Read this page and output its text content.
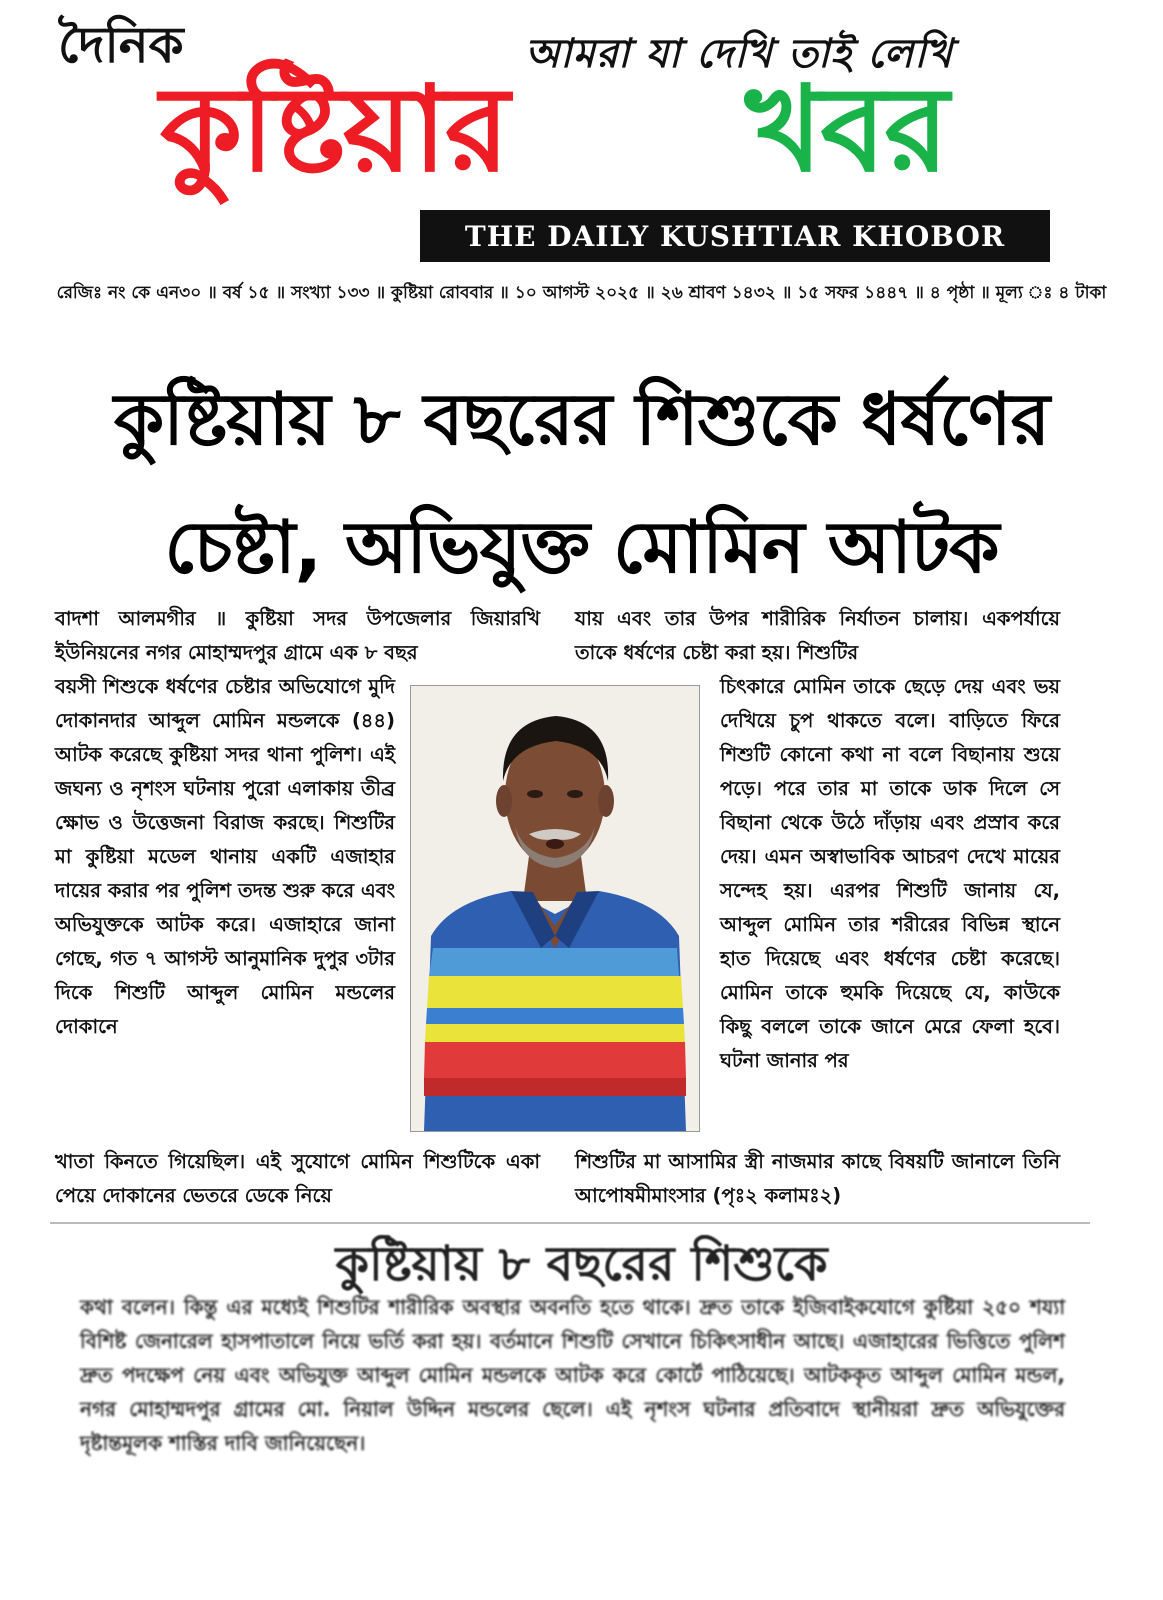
দৈনিক	আমরা যা দেখি তাই লেখি
কুষ্টিয়ার খবর
THE DAILY KUSHTIAR KHOBOR
রেজিঃ নং কে এন৩০ ॥ বর্ষ ১৫ ॥ সংখ্যা ১৩৩ ॥ কুষ্টিয়া রোববার ॥ ১০ আগস্ট ২০২৫ ॥ ২৬ শ্রাবণ ১৪৩২ ॥ ১৫ সফর ১৪৪৭ ॥ ৪ পৃষ্ঠা ॥ মূল্য ঃ ৪ টাকা
কুষ্টিয়ায় ৮ বছরের শিশুকে ধর্ষণের
চেষ্টা, অভিযুক্ত মোমিন আটক
বাদশা আলমগীর ॥ কুষ্টিয়া সদর উপজেলার জিয়ারখি ইউনিয়নের নগর মোহাম্মদপুর গ্রামে এক ৮ বছর
যায় এবং তার উপর শারীরিক নির্যাতন চালায়। একপর্যায়ে তাকে ধর্ষণের চেষ্টা করা হয়। শিশুটির
বয়সী শিশুকে ধর্ষণের চেষ্টার অভিযোগে মুদি দোকানদার আব্দুল মোমিন মন্ডলকে (৪৪) আটক করেছে কুষ্টিয়া সদর থানা পুলিশ। এই জঘন্য ও নৃশংস ঘটনায় পুরো এলাকায় তীব্র ক্ষোভ ও উত্তেজনা বিরাজ করছে। শিশুটির মা কুষ্টিয়া মডেল থানায় একটি এজাহার দায়ের করার পর পুলিশ তদন্ত শুরু করে এবং অভিযুক্তকে আটক করে। এজাহারে জানা গেছে, গত ৭ আগস্ট আনুমানিক দুপুর ৩টার দিকে শিশুটি আব্দুল মোমিন মন্ডলের দোকানে
চিৎকারে মোমিন তাকে ছেড়ে দেয় এবং ভয় দেখিয়ে চুপ থাকতে বলে। বাড়িতে ফিরে শিশুটি কোনো কথা না বলে বিছানায় শুয়ে পড়ে। পরে তার মা তাকে ডাক দিলে সে বিছানা থেকে উঠে দাঁড়ায় এবং প্রস্রাব করে দেয়। এমন অস্বাভাবিক আচরণ দেখে মায়ের সন্দেহ হয়। এরপর শিশুটি জানায় যে, আব্দুল মোমিন তার শরীরের বিভিন্ন স্থানে হাত দিয়েছে এবং ধর্ষণের চেষ্টা করেছে। মোমিন তাকে হুমকি দিয়েছে যে, কাউকে কিছু বললে তাকে জানে মেরে ফেলা হবে। ঘটনা জানার পর
খাতা কিনতে গিয়েছিল। এই সুযোগে মোমিন শিশুটিকে একা পেয়ে দোকানের ভেতরে ডেকে নিয়ে
শিশুটির মা আসামির স্ত্রী নাজমার কাছে বিষয়টি জানালে তিনি আপোষমীমাংসার (পৃঃ২ কলামঃ২)
কুষ্টিয়ায় ৮ বছরের শিশুকে
কথা বলেন। কিন্তু এর মধ্যেই শিশুটির শারীরিক অবস্থার অবনতি হতে থাকে। দ্রুত তাকে ইজিবাইকযোগে কুষ্টিয়া ২৫০ শয্যা বিশিষ্ট জেনারেল হাসপাতালে নিয়ে ভর্তি করা হয়। বর্তমানে শিশুটি সেখানে চিকিৎসাধীন আছে। এজাহারের ভিত্তিতে পুলিশ দ্রুত পদক্ষেপ নেয় এবং অভিযুক্ত আব্দুল মোমিন মন্ডলকে আটক করে কোর্টে পাঠিয়েছে। আটককৃত আব্দুল মোমিন মন্ডল, নগর মোহাম্মদপুর গ্রামের মো. নিয়াল উদ্দিন মন্ডলের ছেলে। এই নৃশংস ঘটনার প্রতিবাদে স্থানীয়রা দ্রুত অভিযুক্তের দৃষ্টান্তমূলক শাস্তির দাবি জানিয়েছেন।
